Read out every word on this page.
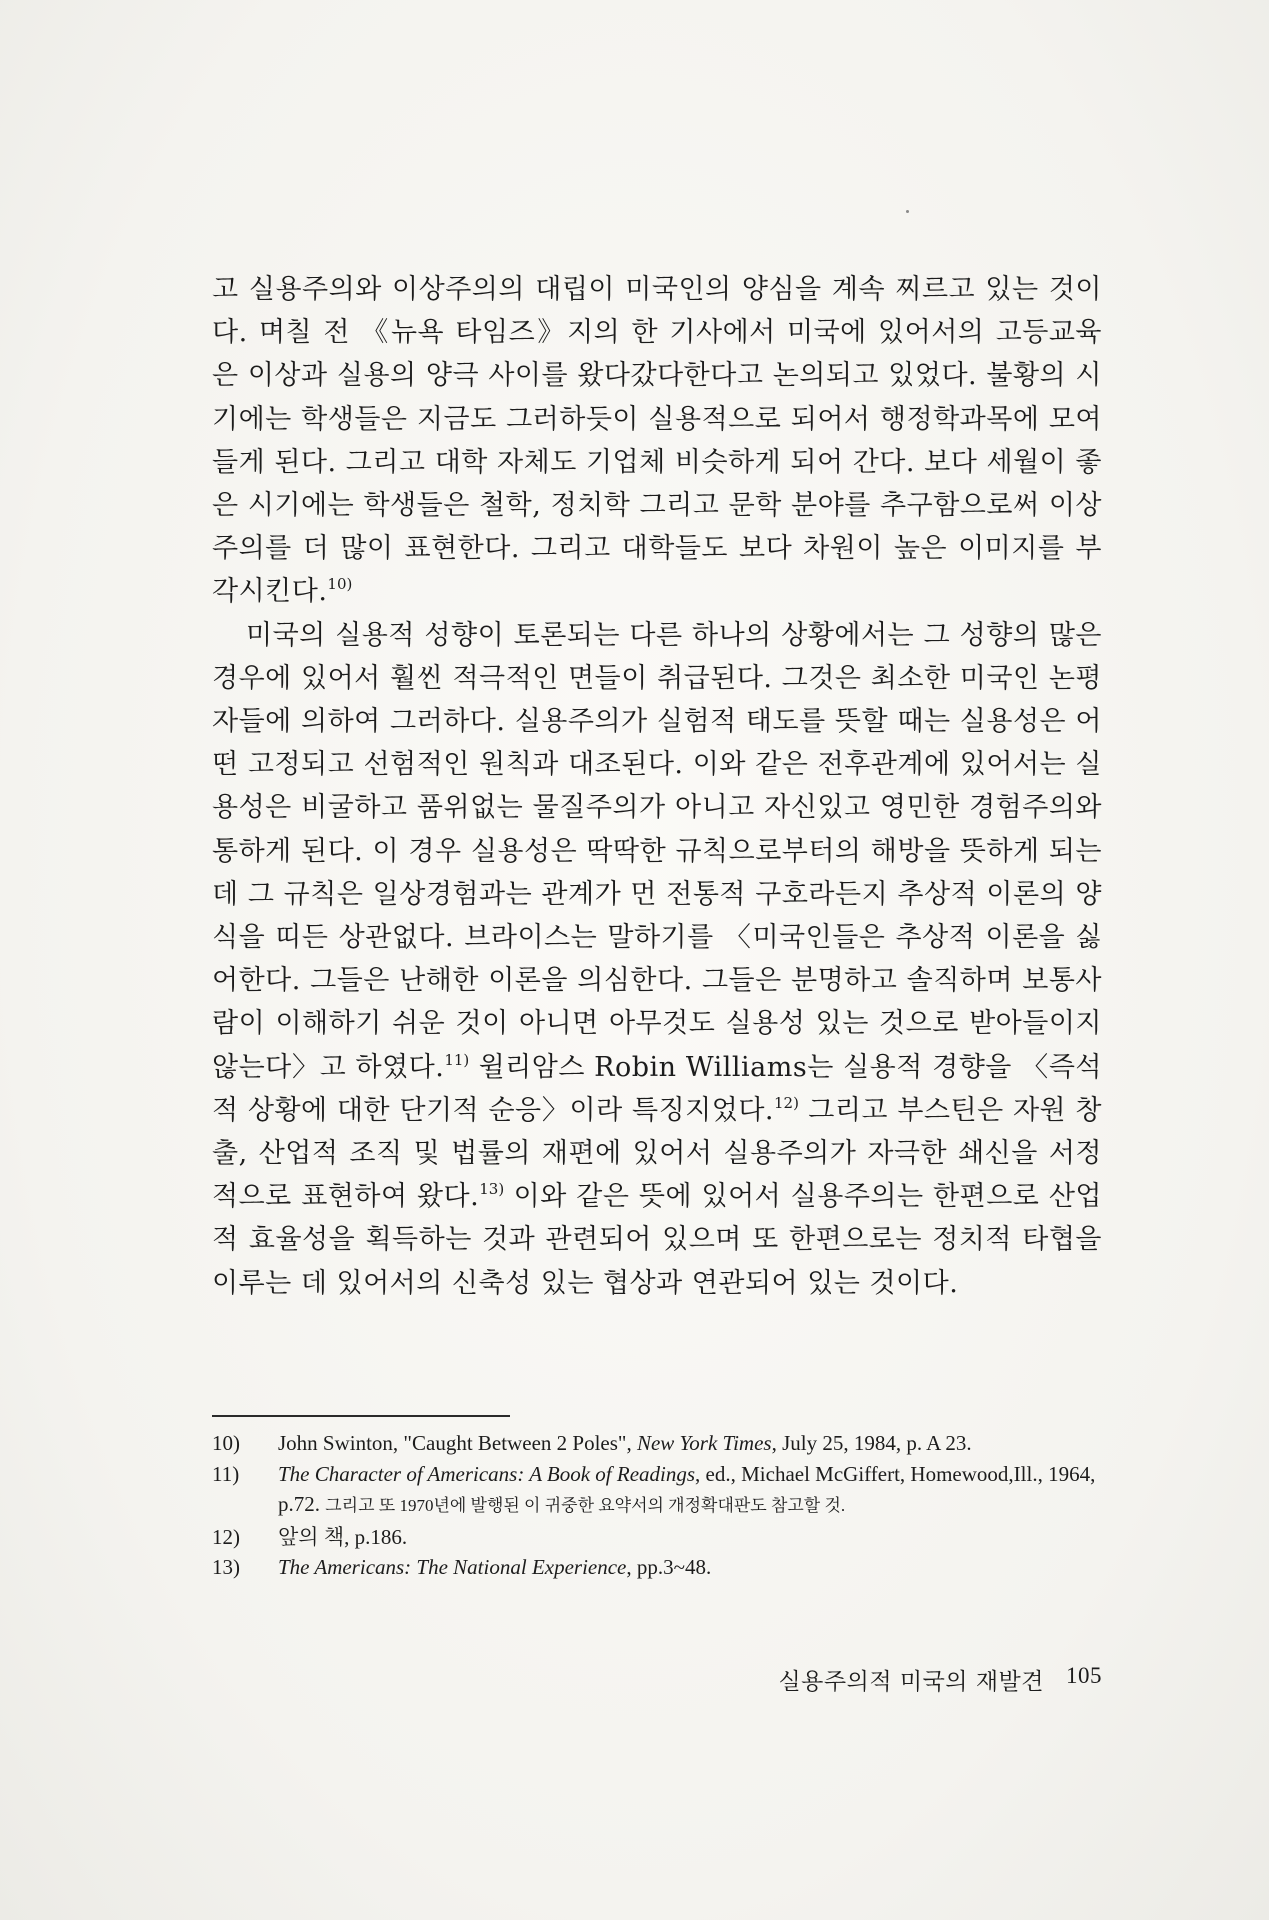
고 실용주의와 이상주의의 대립이 미국인의 양심을 계속 찌르고 있는 것이다. 며칠 전 《뉴욕 타임즈》지의 한 기사에서 미국에 있어서의 고등교육은 이상과 실용의 양극 사이를 왔다갔다한다고 논의되고 있었다. 불황의 시기에는 학생들은 지금도 그러하듯이 실용적으로 되어서 행정학과목에 모여들게 된다. 그리고 대학 자체도 기업체 비슷하게 되어 간다. 보다 세월이 좋은 시기에는 학생들은 철학, 정치학 그리고 문학 분야를 추구함으로써 이상주의를 더 많이 표현한다. 그리고 대학들도 보다 차원이 높은 이미지를 부각시킨다.$^{10)}$

미국의 실용적 성향이 토론되는 다른 하나의 상황에서는 그 성향의 많은 경우에 있어서 훨씬 적극적인 면들이 취급된다. 그것은 최소한 미국인 논평자들에 의하여 그러하다. 실용주의가 실험적 태도를 뜻할 때는 실용성은 어떤 고정되고 선험적인 원칙과 대조된다. 이와 같은 전후관계에 있어서는 실용성은 비굴하고 품위없는 물질주의가 아니고 자신있고 영민한 경험주의와 통하게 된다. 이 경우 실용성은 딱딱한 규칙으로부터의 해방을 뜻하게 되는데 그 규칙은 일상경험과는 관계가 먼 전통적 구호라든지 추상적 이론의 양식을 띠든 상관없다. 브라이스는 말하기를 〈미국인들은 추상적 이론을 싫어한다. 그들은 난해한 이론을 의심한다. 그들은 분명하고 솔직하며 보통사람이 이해하기 쉬운 것이 아니면 아무것도 실용성 있는 것으로 받아들이지 않는다〉고 하였다.$^{11)}$ 윌리암스 Robin Williams는 실용적 경향을 〈즉석적 상황에 대한 단기적 순응〉이라 특징지었다.$^{12)}$ 그리고 부스틴은 자원 창출, 산업적 조직 및 법률의 재편에 있어서 실용주의가 자극한 쇄신을 서정적으로 표현하여 왔다.$^{13)}$ 이와 같은 뜻에 있어서 실용주의는 한편으로 산업적 효율성을 획득하는 것과 관련되어 있으며 또 한편으로는 정치적 타협을 이루는 데 있어서의 신축성 있는 협상과 연관되어 있는 것이다.

10)	John Swinton, "Caught Between 2 Poles", New York Times, July 25, 1984, p. A 23.
11)	The Character of Americans: A Book of Readings, ed., Michael McGiffert, Homewood,Ill., 1964, p.72. 그리고 또 1970년에 발행된 이 귀중한 요약서의 개정확대판도 참고할 것.
12)	앞의 책, p.186.
13)	The Americans: The National Experience, pp.3~48.
실용주의적 미국의 재발견 105
